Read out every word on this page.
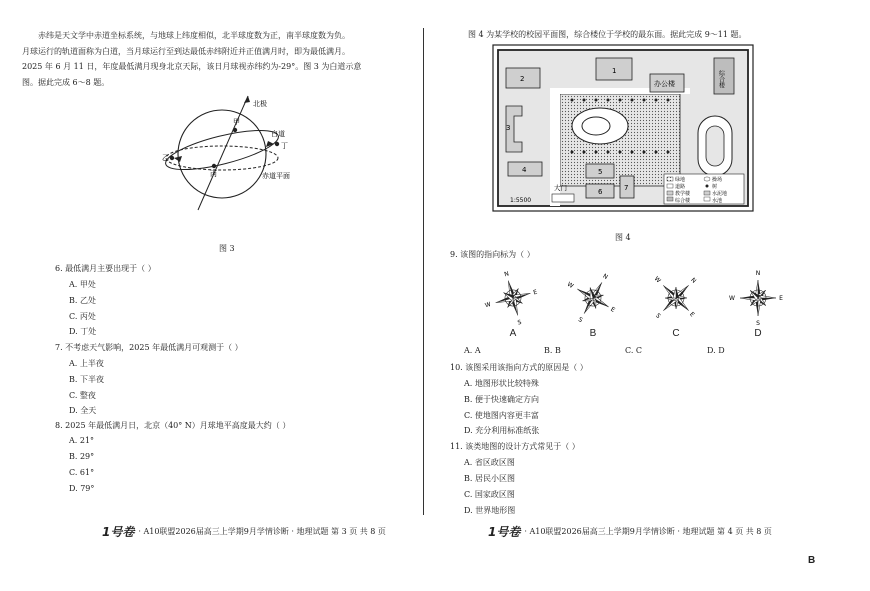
赤纬是天文学中赤道坐标系统，与地球上纬度相似，北半球度数为正，南半球度数为负。

月球运行的轨道面称为白道，当月球运行至到达最低赤纬附近并正值满月时，即为最低满月。

2025 年 6 月 11 日，年度最低满月现身北京天际，该日月球视赤纬约为-29°。图 3 为白道示意

图。据此完成 6～8 题。

北极
甲
乙
丙
丁
白道
赤道平面
图 3
6. 最低满月主要出现于（ ）
A. 甲处
B. 乙处
C. 丙处
D. 丁处
7. 不考虑天气影响，2025 年最低满月可观测于（ ）
A. 上半夜
B. 下半夜
C. 整夜
D. 全天
8. 2025 年最低满月日，北京（40° N）月球地平高度最大约（ ）
A. 21°
B. 29°
C. 61°
D. 79°
1号卷 · A10联盟2026届高三上学期9月学情诊断 · 地理试题 第 3 页 共 8 页
图 4 为某学校的校园平面图，综合楼位于学校的最东面。据此完成 9～11 题。
1
2
3
4	5
6	7
办公楼	综合楼
大门
1:5500
绿地
道路
教学楼
综合楼
操场
树
水泥地
水池
图 4
9. 该图的指向标为（ ）
N
S
W
E
A
N
S
W
E
B
N
S
W
E
C
N
S
W	E
D
A. A	B. B	C. C	D. D
10. 该图采用该指向方式的原因是（ ）
A. 地图形状比较特殊
B. 便于快速确定方向
C. 使地图内容更丰富
D. 充分利用标准纸张
11. 该类地图的设计方式常见于（ ）
A. 省区政区图
B. 居民小区图
C. 国家政区图
D. 世界地形图
1号卷 · A10联盟2026届高三上学期9月学情诊断 · 地理试题 第 4 页 共 8 页
B
